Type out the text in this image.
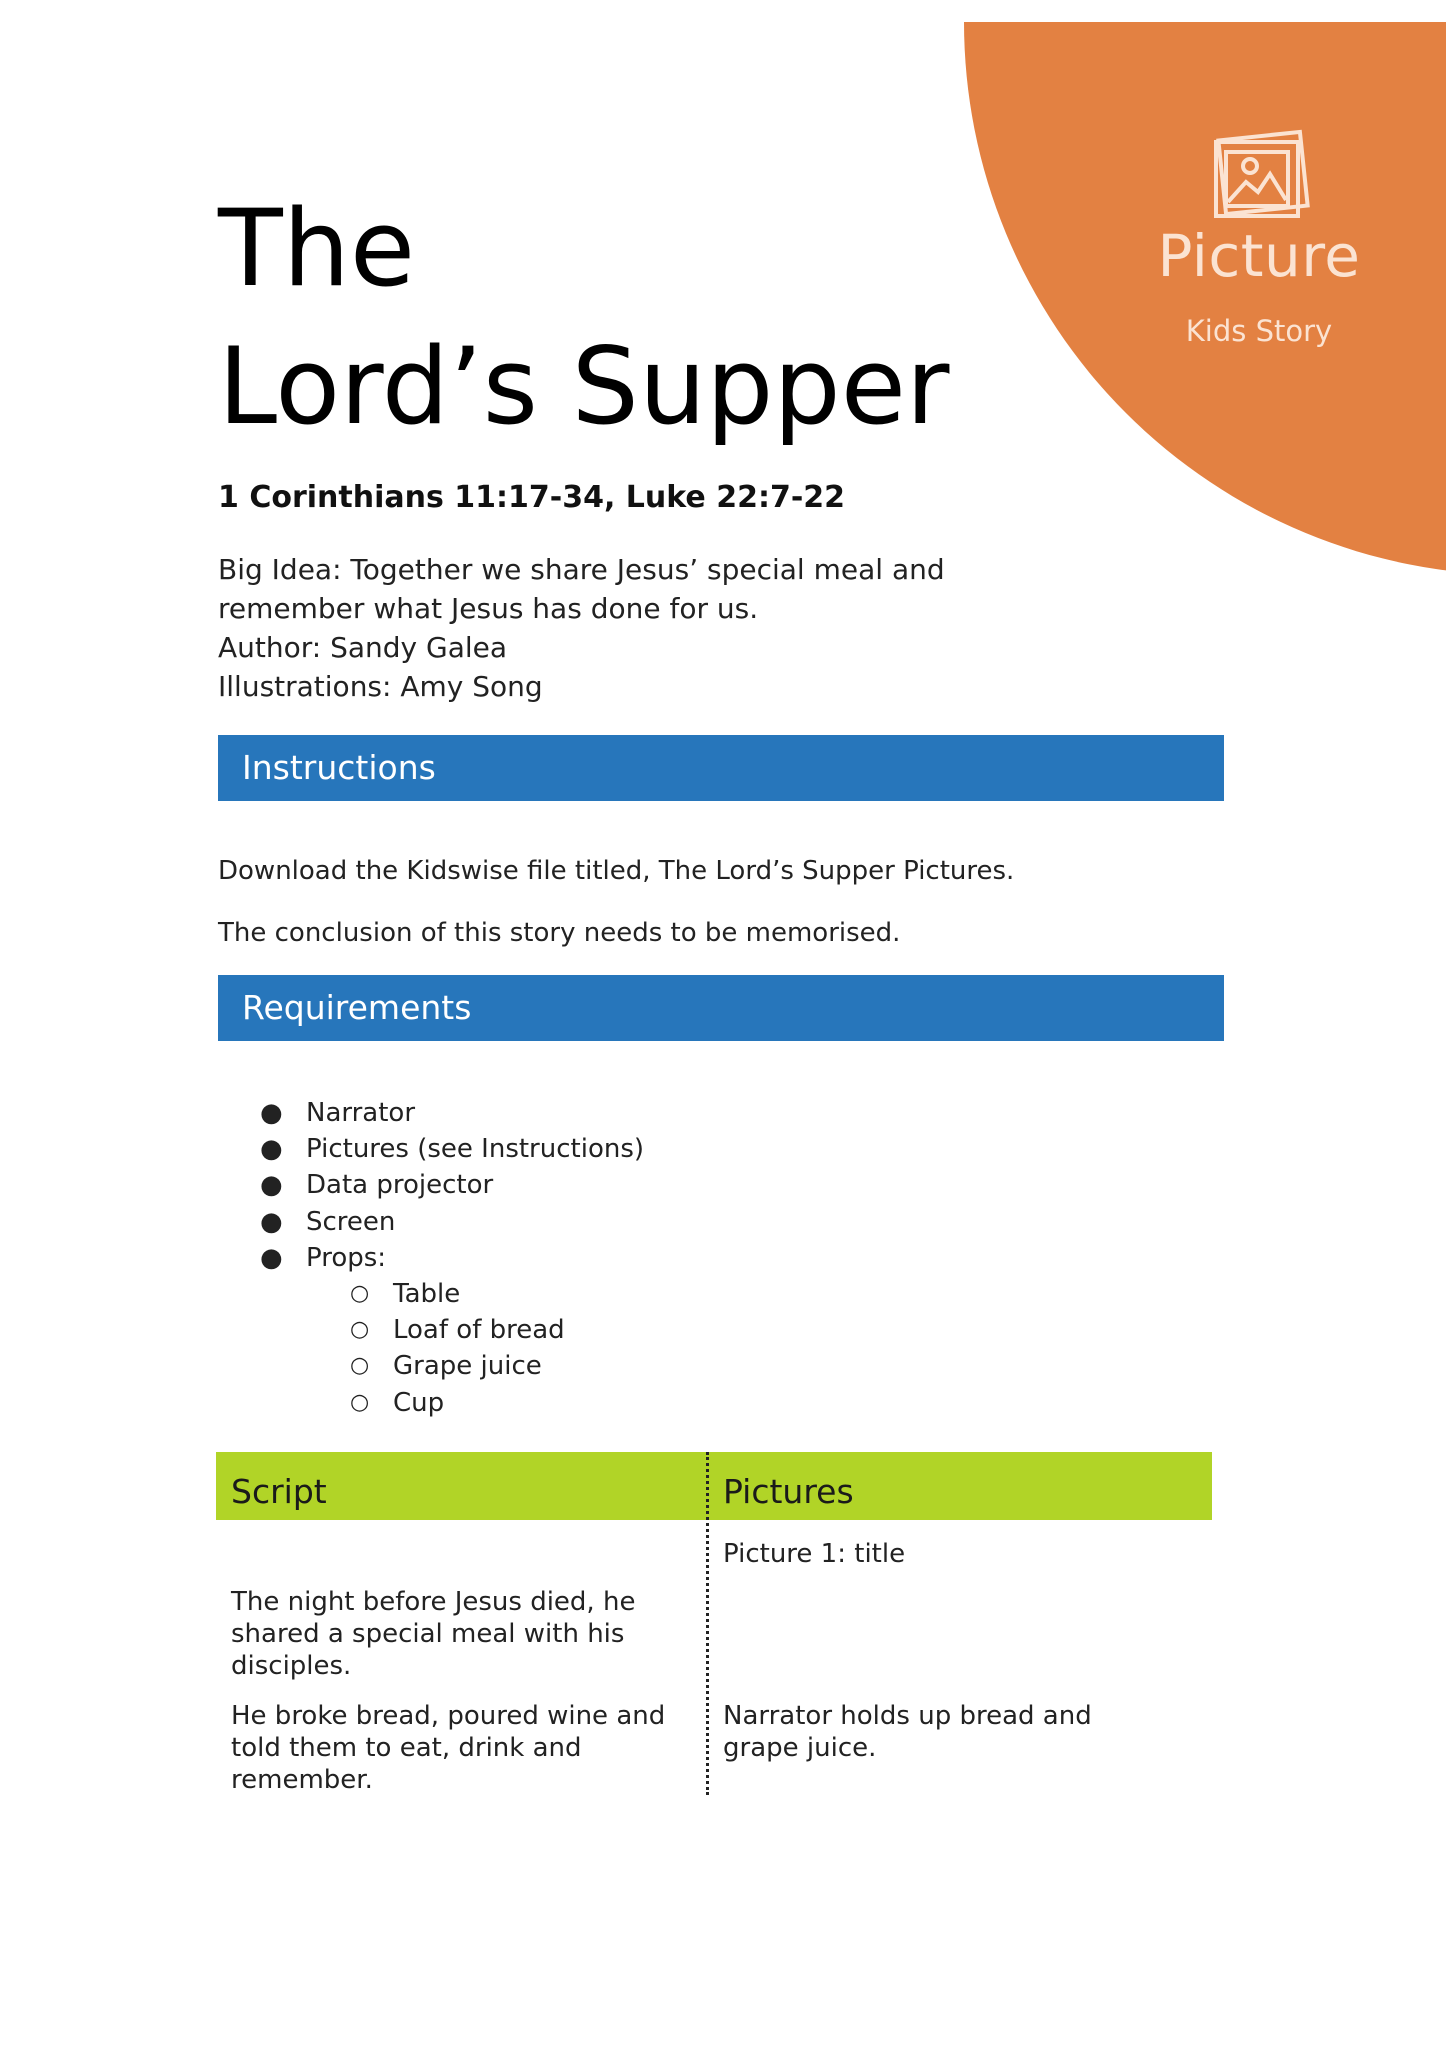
Picture
Kids Story
The
Lord’s Supper
1 Corinthians 11:17-34, Luke 22:7-22
Big Idea: Together we share Jesus’ special meal and
remember what Jesus has done for us.
Author: Sandy Galea
Illustrations: Amy Song
Instructions
Download the Kidswise file titled, The Lord’s Supper Pictures.
The conclusion of this story needs to be memorised.
Requirements
● Narrator
● Pictures (see Instructions)
● Data projector
● Screen
● Props:
○ Table
○ Loaf of bread
○ Grape juice
○ Cup
Script	Pictures
Picture 1: title
The night before Jesus died, he shared a special meal with his disciples.
He broke bread, poured wine and told them to eat, drink and remember.
Narrator holds up bread and grape juice.
